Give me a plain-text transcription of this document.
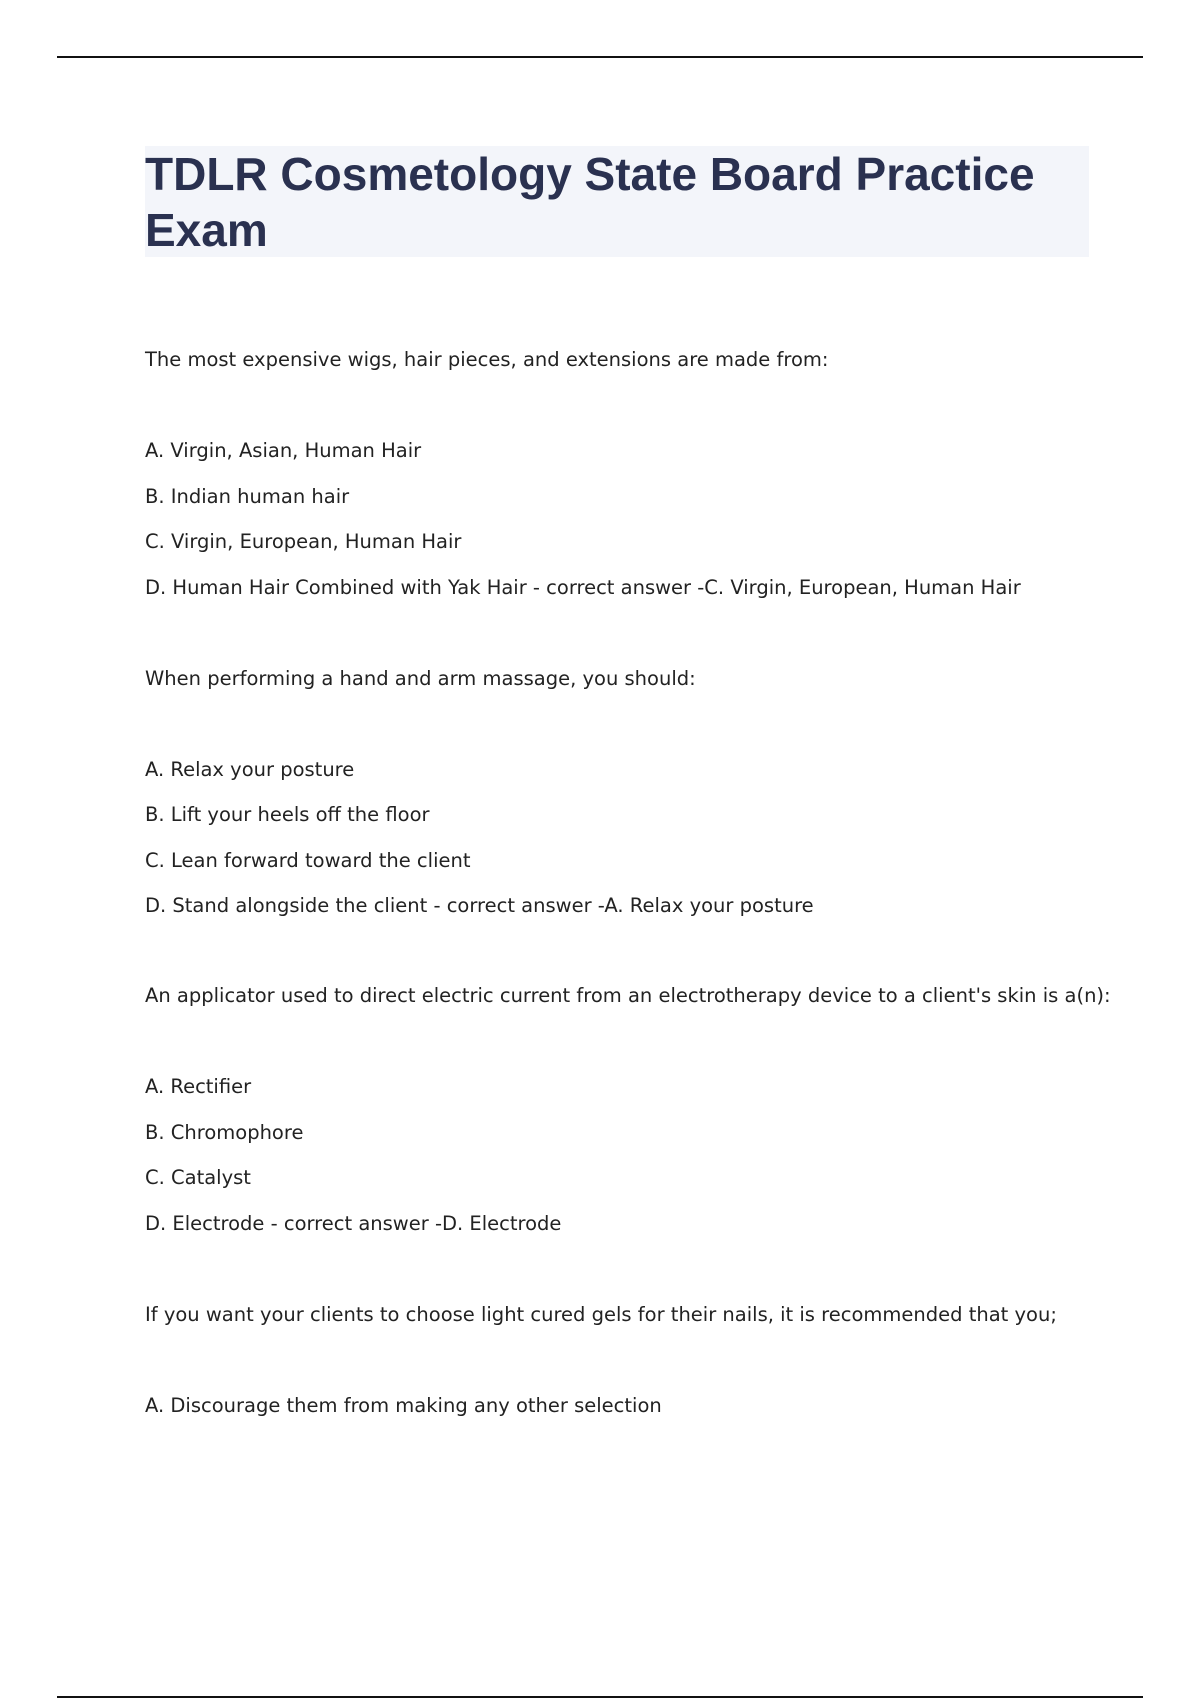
TDLR Cosmetology State Board Practice Exam

The most expensive wigs, hair pieces, and extensions are made from:

A. Virgin, Asian, Human Hair

B. Indian human hair

C. Virgin, European, Human Hair

D. Human Hair Combined with Yak Hair - correct answer -C. Virgin, European, Human Hair

When performing a hand and arm massage, you should:

A. Relax your posture

B. Lift your heels off the floor

C. Lean forward toward the client

D. Stand alongside the client - correct answer -A. Relax your posture

An applicator used to direct electric current from an electrotherapy device to a client's skin is a(n):

A. Rectifier

B. Chromophore

C. Catalyst

D. Electrode - correct answer -D. Electrode

If you want your clients to choose light cured gels for their nails, it is recommended that you;

A. Discourage them from making any other selection
